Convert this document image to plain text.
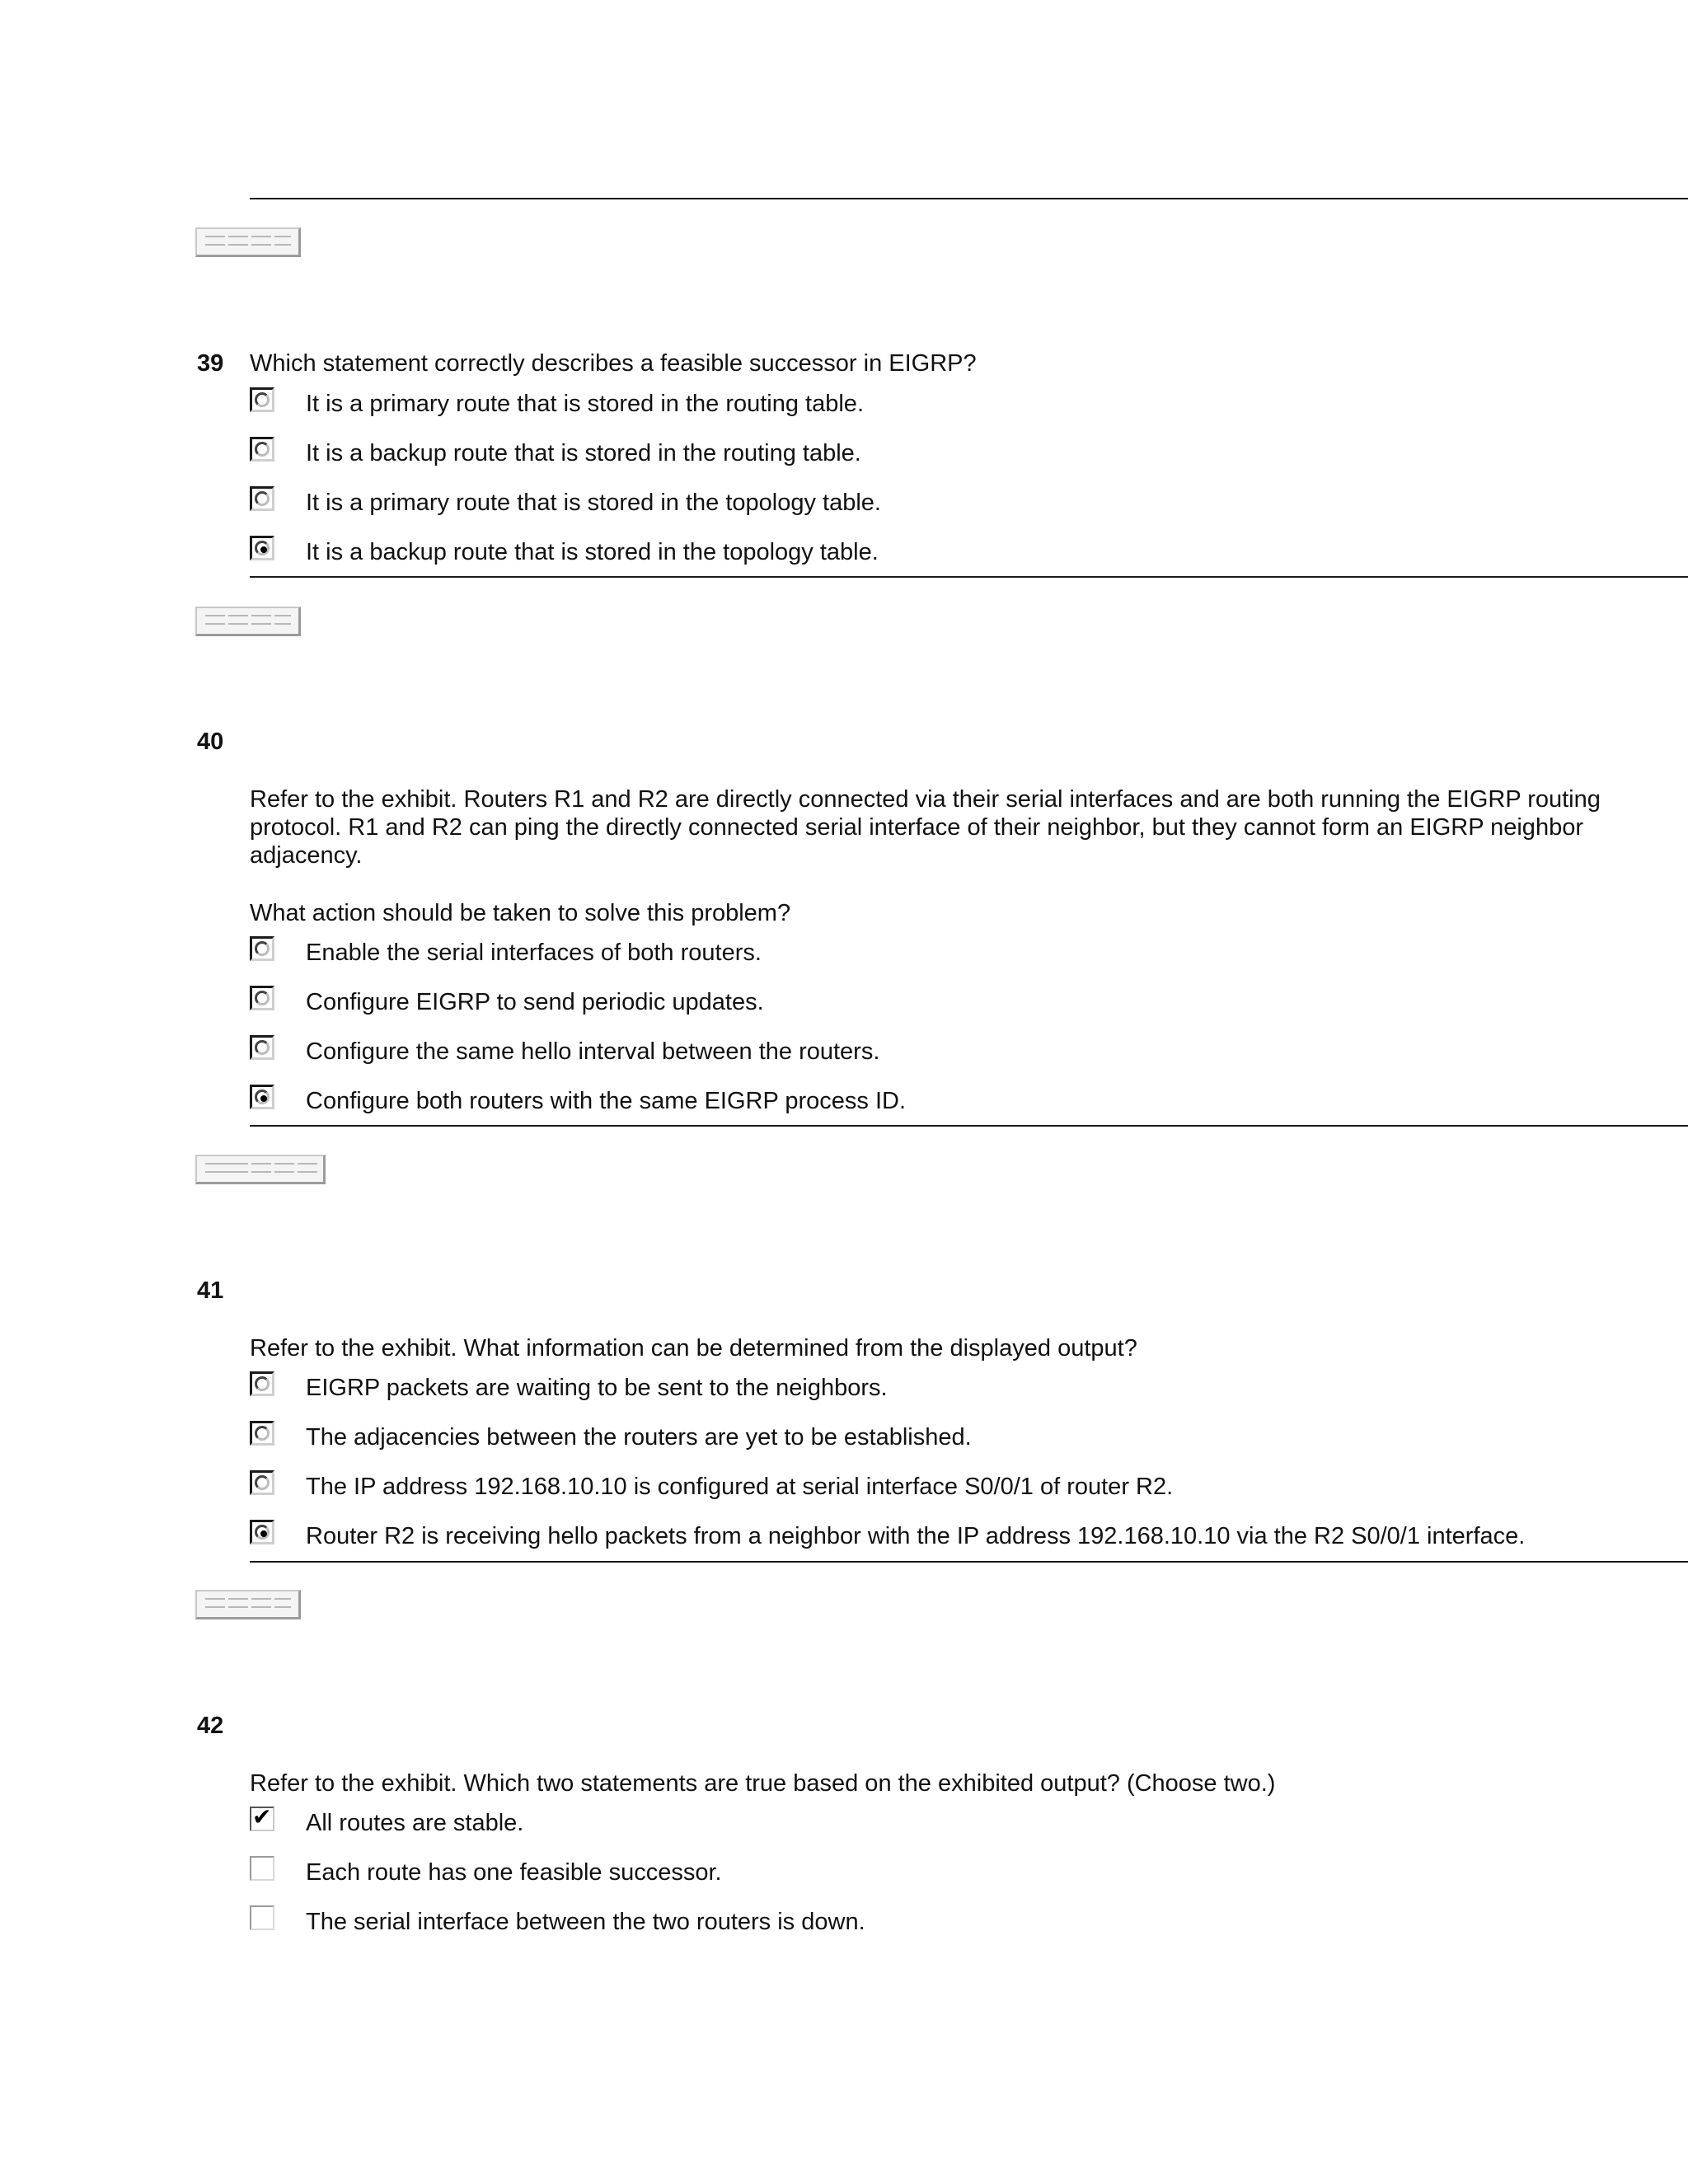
39 Which statement correctly describes a feasible successor in EIGRP?
It is a primary route that is stored in the routing table.
It is a backup route that is stored in the routing table.
It is a primary route that is stored in the topology table.
It is a backup route that is stored in the topology table.
40
Refer to the exhibit. Routers R1 and R2 are directly connected via their serial interfaces and are both running the EIGRP routing protocol. R1 and R2 can ping the directly connected serial interface of their neighbor, but they cannot form an EIGRP neighbor adjacency.
What action should be taken to solve this problem?
Enable the serial interfaces of both routers.
Configure EIGRP to send periodic updates.
Configure the same hello interval between the routers.
Configure both routers with the same EIGRP process ID.
41
Refer to the exhibit. What information can be determined from the displayed output?
EIGRP packets are waiting to be sent to the neighbors.
The adjacencies between the routers are yet to be established.
The IP address 192.168.10.10 is configured at serial interface S0/0/1 of router R2.
Router R2 is receiving hello packets from a neighbor with the IP address 192.168.10.10 via the R2 S0/0/1 interface.
42
Refer to the exhibit. Which two statements are true based on the exhibited output? (Choose two.)
✔ All routes are stable.
Each route has one feasible successor.
The serial interface between the two routers is down.
